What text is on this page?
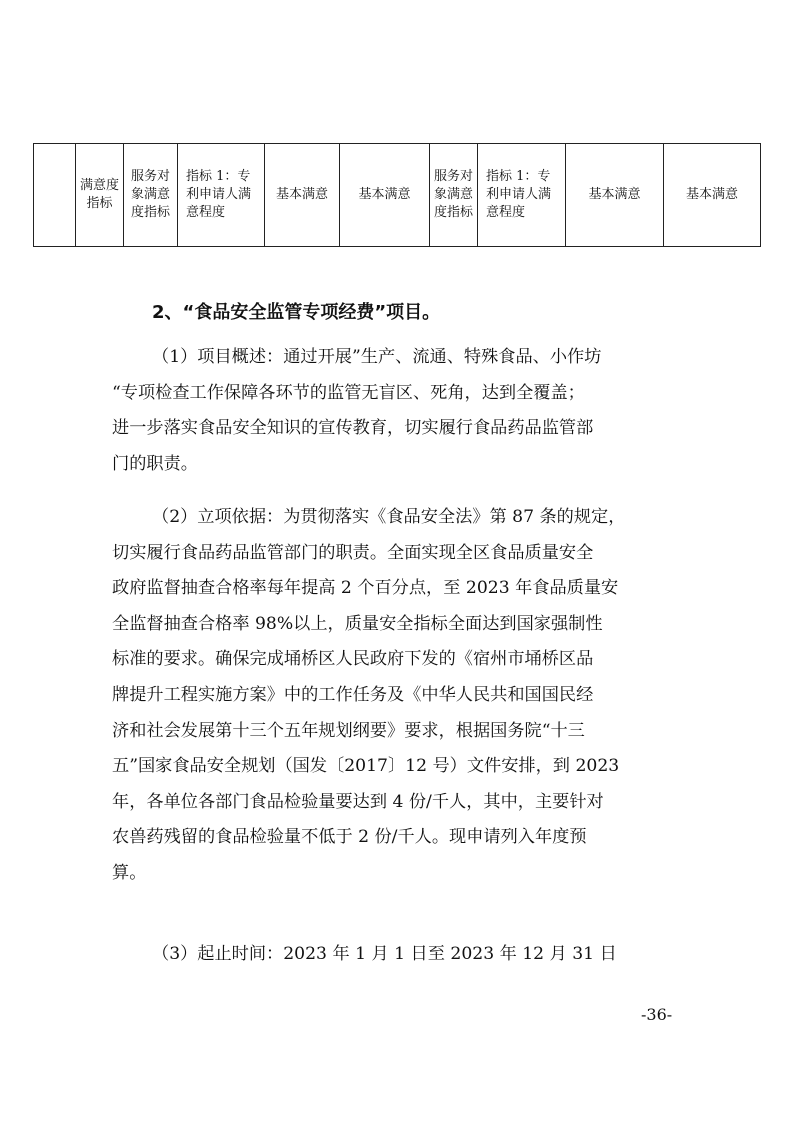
	满意度指标	服务对象满意度指标	指标 1：专利申请人满意程度	基本满意	基本满意	服务对象满意度指标	指标 1：专利申请人满意程度	基本满意	基本满意
2、“食品安全监管专项经费”项目。

（1）项目概述：通过开展”生产、流通、特殊食品、小作坊
“专项检查工作保障各环节的监管无盲区、死角，达到全覆盖；
进一步落实食品安全知识的宣传教育，切实履行食品药品监管部
门的职责。

（2）立项依据：为贯彻落实《食品安全法》第 87 条的规定，
切实履行食品药品监管部门的职责。全面实现全区食品质量安全
政府监督抽查合格率每年提高 2 个百分点，至 2023 年食品质量安
全监督抽查合格率 98%以上，质量安全指标全面达到国家强制性
标准的要求。确保完成埇桥区人民政府下发的《宿州市埇桥区品
牌提升工程实施方案》中的工作任务及《中华人民共和国国民经
济和社会发展第十三个五年规划纲要》要求，根据国务院“十三
五”国家食品安全规划（国发〔2017〕12 号）文件安排，到 2023
年，各单位各部门食品检验量要达到 4 份/千人，其中，主要针对
农兽药残留的食品检验量不低于 2 份/千人。现申请列入年度预
算。

（3）起止时间：2023 年 1 月 1 日至 2023 年 12 月 31 日

-36-
